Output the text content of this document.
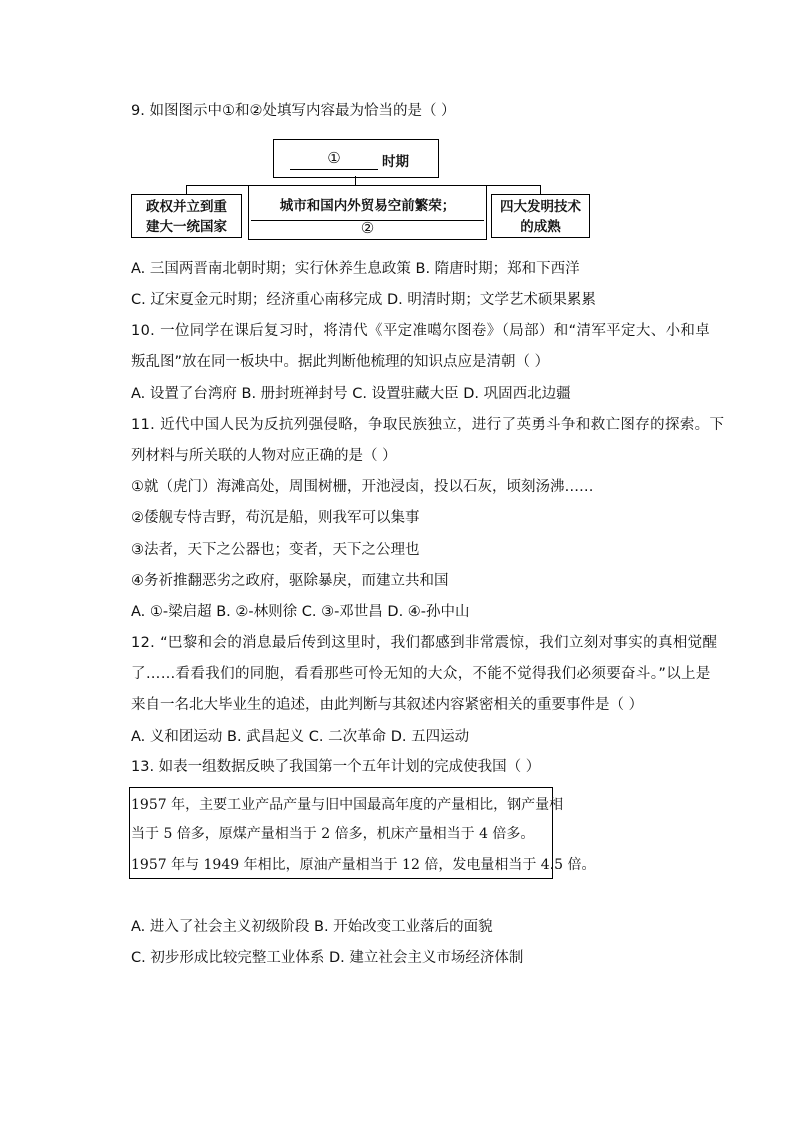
9. 如图图示中①和②处填写内容最为恰当的是（ ）
①	时期
政权并立到重
建大一统国家
城市和国内外贸易空前繁荣；
②
四大发明技术
的成熟
A. 三国两晋南北朝时期；实行休养生息政策 B. 隋唐时期；郑和下西洋
C. 辽宋夏金元时期；经济重心南移完成 D. 明清时期；文学艺术硕果累累
10. 一位同学在课后复习时，将清代《平定准噶尔图卷》（局部）和“清军平定大、小和卓
叛乱图”放在同一板块中。据此判断他梳理的知识点应是清朝（ ）
A. 设置了台湾府 B. 册封班禅封号 C. 设置驻藏大臣 D. 巩固西北边疆
11. 近代中国人民为反抗列强侵略，争取民族独立，进行了英勇斗争和救亡图存的探索。下
列材料与所关联的人物对应正确的是（ ）
①就（虎门）海滩高处，周围树栅，开池浸卤，投以石灰，顷刻汤沸……
②倭舰专恃吉野，苟沉是船，则我军可以集事
③法者，天下之公器也；变者，天下之公理也
④务祈推翻恶劣之政府，驱除暴戾，而建立共和国
A. ①-梁启超 B. ②-林则徐 C. ③-邓世昌 D. ④-孙中山
12. “巴黎和会的消息最后传到这里时，我们都感到非常震惊，我们立刻对事实的真相觉醒
了……看看我们的同胞，看看那些可怜无知的大众，不能不觉得我们必须要奋斗。”以上是
来自一名北大毕业生的追述，由此判断与其叙述内容紧密相关的重要事件是（ ）
A. 义和团运动 B. 武昌起义 C. 二次革命 D. 五四运动
13. 如表一组数据反映了我国第一个五年计划的完成使我国（ ）
1957 年，主要工业产品产量与旧中国最高年度的产量相比，钢产量相
当于 5 倍多，原煤产量相当于 2 倍多，机床产量相当于 4 倍多。
1957 年与 1949 年相比，原油产量相当于 12 倍，发电量相当于 4.5 倍。
A. 进入了社会主义初级阶段 B. 开始改变工业落后的面貌
C. 初步形成比较完整工业体系 D. 建立社会主义市场经济体制
